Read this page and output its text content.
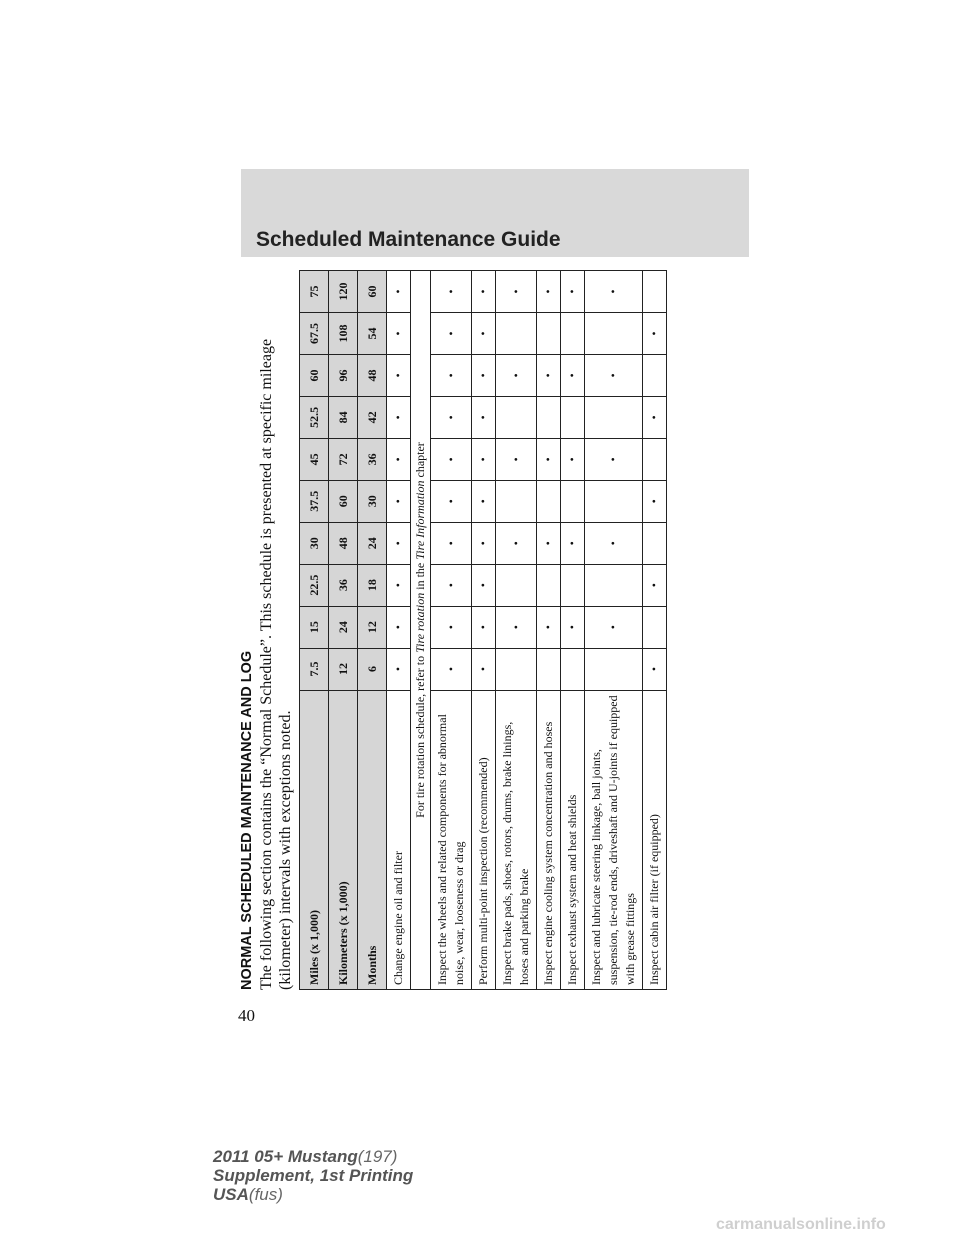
Scheduled Maintenance Guide
NORMAL SCHEDULED MAINTENANCE AND LOG The following section contains the “Normal Schedule”. This schedule is presented at specific mileage (kilometer) intervals with exceptions noted. Miles (x 1,000)	7.5	15	22.5	30	37.5	45	52.5	60	67.5	75
Kilometers (x 1,000)	12	24	36	48	60	72	84	96	108	120
Months	6	12	18	24	30	36	42	48	54	60
Change engine oil and filter	•	•	•	•	•	•	•	•	•	•
For tire rotation schedule, refer to Tire rotation in the Tire Information chapter										
Inspect the wheels and related components for abnormal noise, wear, looseness or drag	•	•	•	•	•	•	•	•	•	•
Perform multi-point inspection (recommended)	•	•	•	•	•	•	•	•	•	•
Inspect brake pads, shoes, rotors, drums, brake linings, hoses and parking brake		•		•		•		•		•
Inspect engine cooling system concentration and hoses		•		•		•		•		•
Inspect exhaust system and heat shields		•		•		•		•		•
Inspect and lubricate steering linkage, ball joints, suspension, tie-rod ends, driveshaft and U-joints if equipped with grease fittings		•		•		•		•		•
Inspect cabin air filter (if equipped)	•		•		•		•		•	
40
2011 05+ Mustang(197)
Supplement, 1st Printing
USA(fus)
carmanualsonline.info
